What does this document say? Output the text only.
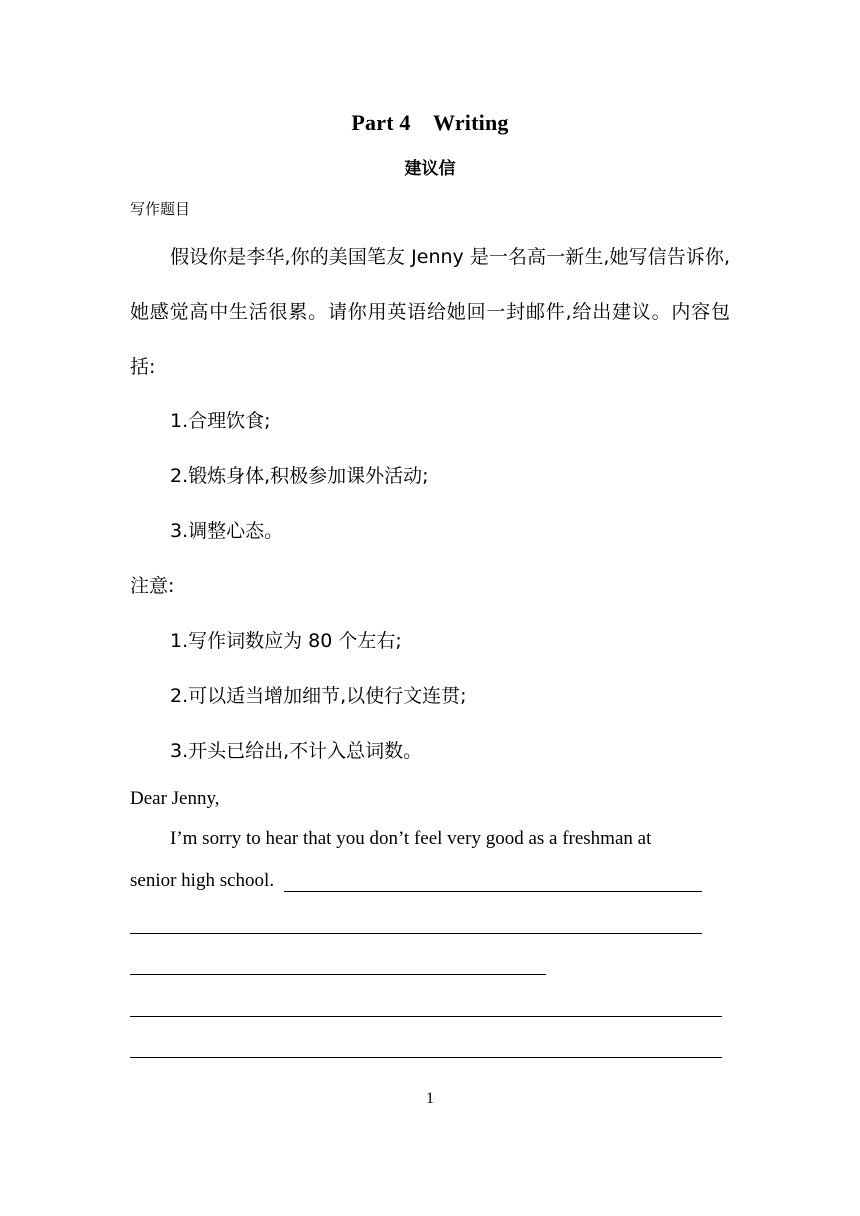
Part 4    Writing
建议信
写作题目

假设你是李华,你的美国笔友 Jenny 是一名高一新生,她写信告诉你,她感觉高中生活很累。请你用英语给她回一封邮件,给出建议。内容包括:

1.合理饮食;
2.锻炼身体,积极参加课外活动;
3.调整心态。
注意:
1.写作词数应为 80 个左右;
2.可以适当增加细节,以使行文连贯;
3.开头已给出,不计入总词数。
Dear Jenny,
I’m sorry to hear that you don’t feel very good as a freshman at
senior high school.
1
